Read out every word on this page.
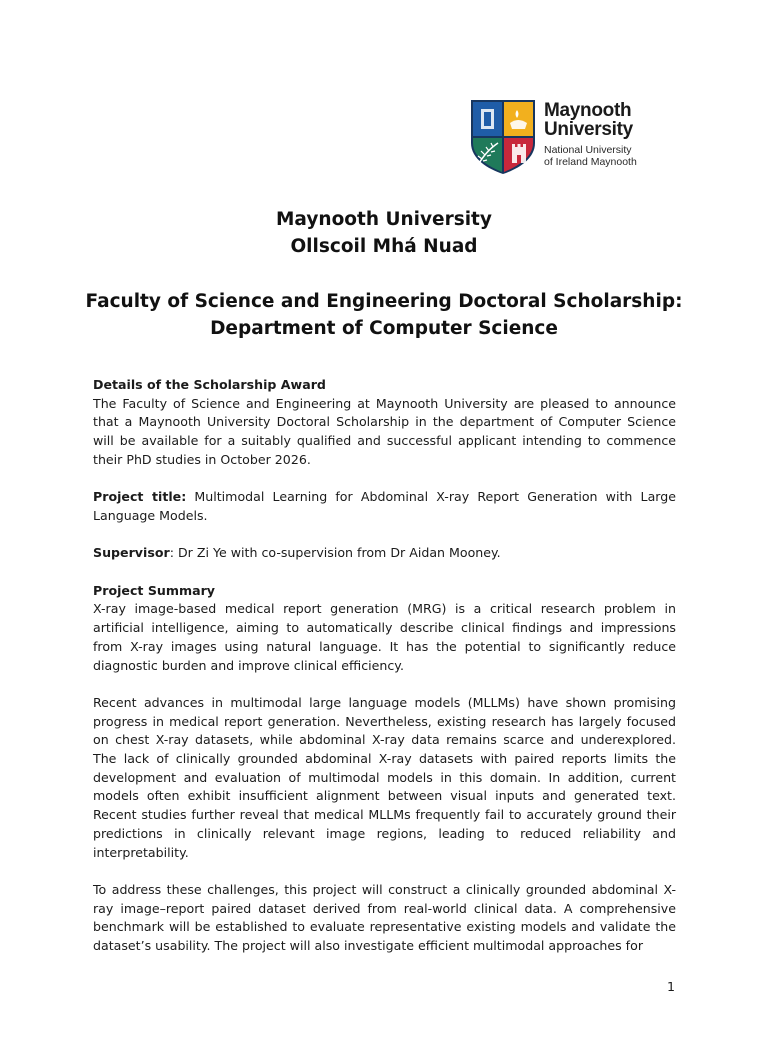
Maynooth
University
National University
of Ireland Maynooth
Maynooth University
Ollscoil Mhá Nuad
Faculty of Science and Engineering Doctoral Scholarship:
Department of Computer Science
Details of the Scholarship Award

The Faculty of Science and Engineering at Maynooth University are pleased to announce that a Maynooth University Doctoral Scholarship in the department of Computer Science will be available for a suitably qualified and successful applicant intending to commence their PhD studies in October 2026.

Project title: Multimodal Learning for Abdominal X-ray Report Generation with Large Language Models.

Supervisor: Dr Zi Ye with co-supervision from Dr Aidan Mooney.

Project Summary

X-ray image-based medical report generation (MRG) is a critical research problem in artificial intelligence, aiming to automatically describe clinical findings and impressions from X-ray images using natural language. It has the potential to significantly reduce diagnostic burden and improve clinical efficiency.

Recent advances in multimodal large language models (MLLMs) have shown promising progress in medical report generation. Nevertheless, existing research has largely focused on chest X-ray datasets, while abdominal X-ray data remains scarce and underexplored. The lack of clinically grounded abdominal X-ray datasets with paired reports limits the development and evaluation of multimodal models in this domain. In addition, current models often exhibit insufficient alignment between visual inputs and generated text. Recent studies further reveal that medical MLLMs frequently fail to accurately ground their predictions in clinically relevant image regions, leading to reduced reliability and interpretability.

To address these challenges, this project will construct a clinically grounded abdominal X-ray image–report paired dataset derived from real-world clinical data. A comprehensive benchmark will be established to evaluate representative existing models and validate the dataset’s usability. The project will also investigate efficient multimodal approaches for

1
